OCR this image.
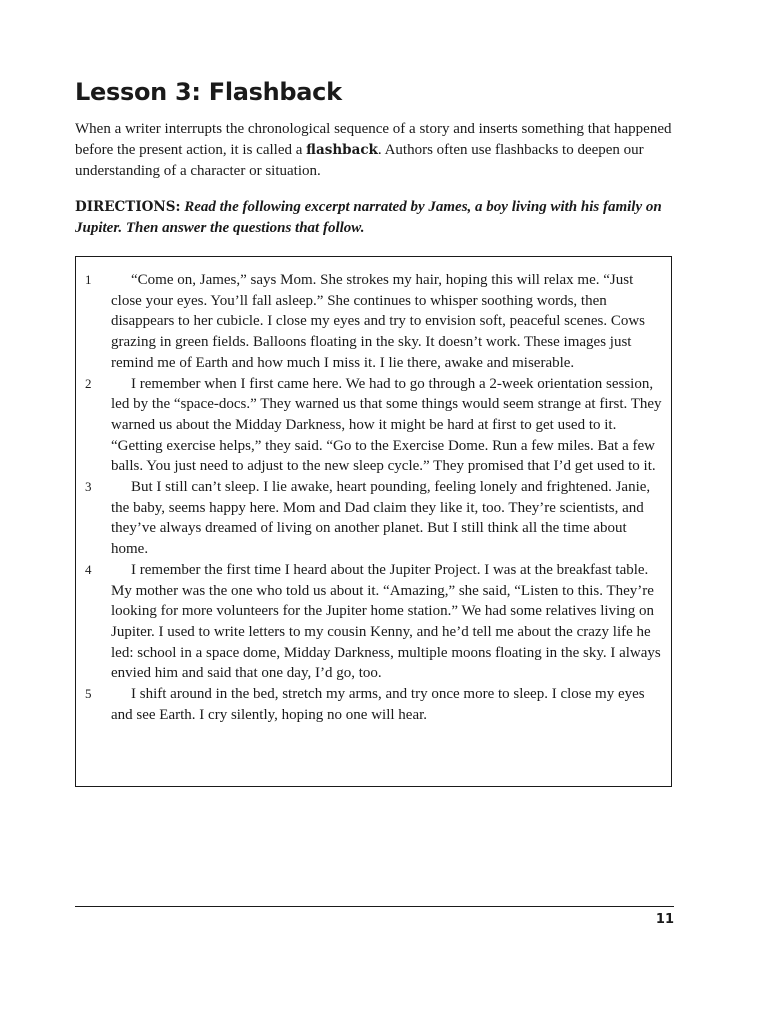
Lesson 3: Flashback

When a writer interrupts the chronological sequence of a story and inserts something that happened before the present action, it is called a flashback. Authors often use flashbacks to deepen our understanding of a character or situation.

DIRECTIONS: Read the following excerpt narrated by James, a boy living with his family on Jupiter. Then answer the questions that follow.

1	“Come on, James,” says Mom. She strokes my hair, hoping this will relax me. “Just close your eyes. You’ll fall asleep.” She continues to whisper soothing words, then disappears to her cubicle. I close my eyes and try to envision soft, peaceful scenes. Cows grazing in green fields. Balloons floating in the sky. It doesn’t work. These images just remind me of Earth and how much I miss it. I lie there, awake and miserable.
2	I remember when I first came here. We had to go through a 2-week orientation session, led by the “space-docs.” They warned us that some things would seem strange at first. They warned us about the Midday Darkness, how it might be hard at first to get used to it. “Getting exercise helps,” they said. “Go to the Exercise Dome. Run a few miles. Bat a few balls. You just need to adjust to the new sleep cycle.” They promised that I’d get used to it.
3	But I still can’t sleep. I lie awake, heart pounding, feeling lonely and frightened. Janie, the baby, seems happy here. Mom and Dad claim they like it, too. They’re scientists, and they’ve always dreamed of living on another planet. But I still think all the time about home.
4	I remember the first time I heard about the Jupiter Project. I was at the breakfast table. My mother was the one who told us about it. “Amazing,” she said, “Listen to this. They’re looking for more volunteers for the Jupiter home station.” We had some relatives living on Jupiter. I used to write letters to my cousin Kenny, and he’d tell me about the crazy life he led: school in a space dome, Midday Darkness, multiple moons floating in the sky. I always envied him and said that one day, I’d go, too.
5	I shift around in the bed, stretch my arms, and try once more to sleep. I close my eyes and see Earth. I cry silently, hoping no one will hear.
11
